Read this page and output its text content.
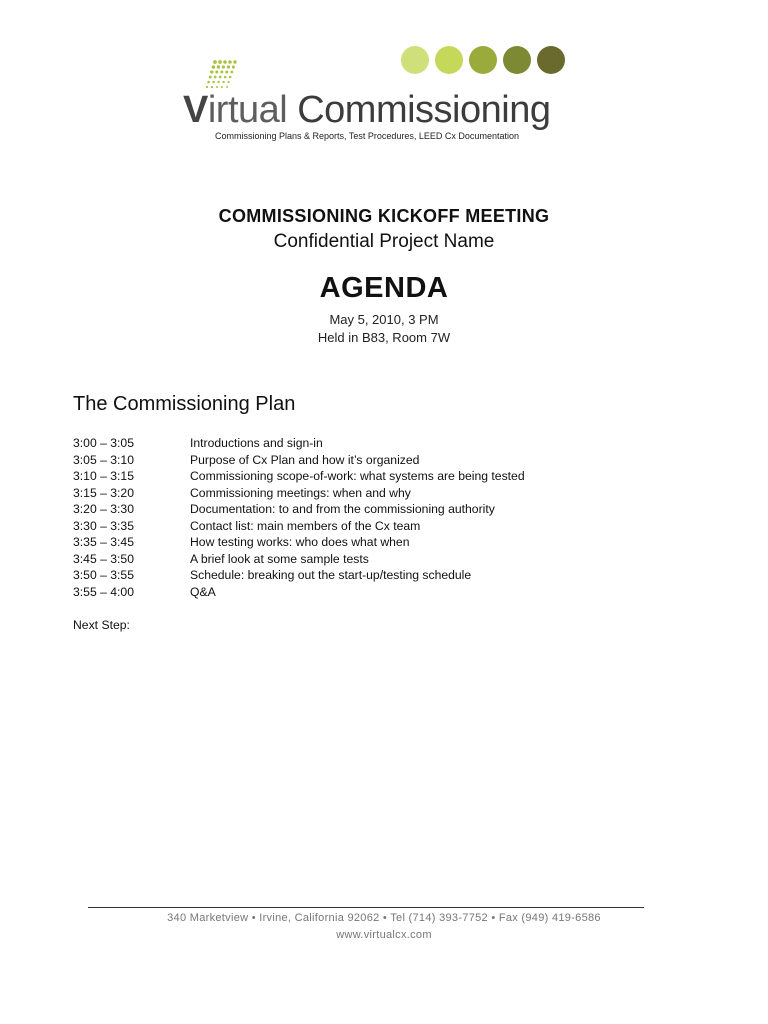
Virtual Commissioning
Commissioning Plans & Reports, Test Procedures, LEED Cx Documentation
COMMISSIONING KICKOFF MEETING
Confidential Project Name
AGENDA
May 5, 2010, 3 PM
Held in B83, Room 7W
The Commissioning Plan
3:00 – 3:05	Introductions and sign-in
3:05 – 3:10	Purpose of Cx Plan and how it’s organized
3:10 – 3:15	Commissioning scope-of-work: what systems are being tested
3:15 – 3:20	Commissioning meetings: when and why
3:20 – 3:30	Documentation: to and from the commissioning authority
3:30 – 3:35	Contact list: main members of the Cx team
3:35 – 3:45	How testing works: who does what when
3:45 – 3:50	A brief look at some sample tests
3:50 – 3:55	Schedule: breaking out the start-up/testing schedule
3:55 – 4:00	Q&A
Next Step:
340 Marketview • Irvine, California 92062 • Tel (714) 393-7752 • Fax (949) 419-6586
www.virtualcx.com
